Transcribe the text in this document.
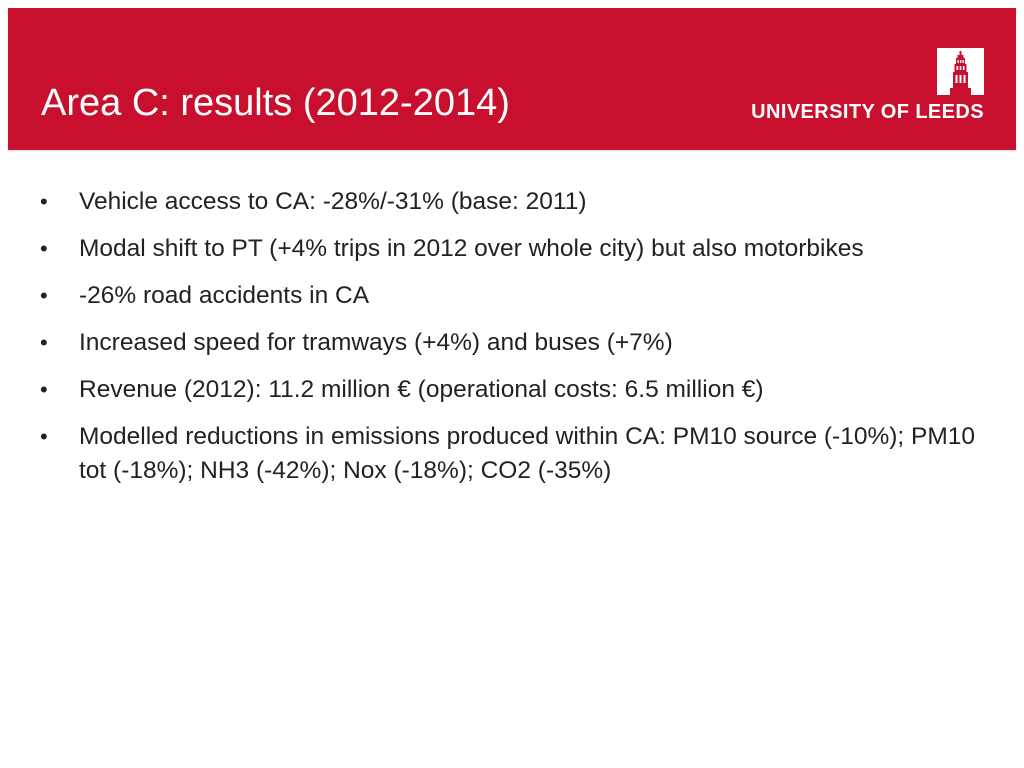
Area C: results (2012-2014)	UNIVERSITY OF LEEDS
• Vehicle access to CA: -28%/-31% (base: 2011)
• Modal shift to PT (+4% trips in 2012 over whole city) but also motorbikes
• -26% road accidents in CA
• Increased speed for tramways (+4%) and buses (+7%)
• Revenue (2012): 11.2 million € (operational costs: 6.5 million €)
• Modelled reductions in emissions produced within CA: PM10 source (-10%); PM10 tot (-18%); NH3 (-42%); Nox (-18%); CO2 (-35%)
